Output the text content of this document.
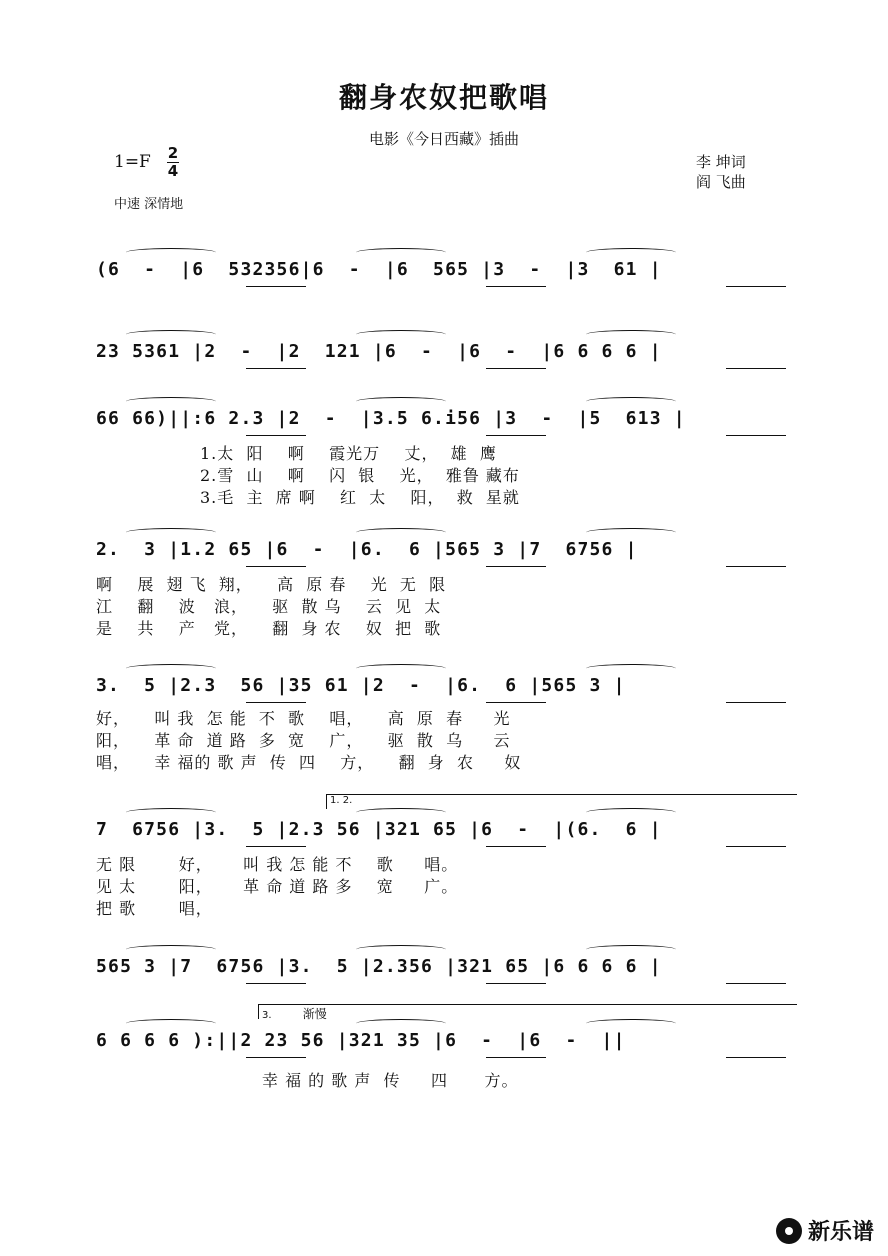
翻身农奴把歌唱
电影《今日西藏》插曲
1=F 2
4
中速 深情地
李 坤词
阎 飞曲
1. 2.
3.	渐慢
(6  -  |6  532356|6  -  |6  565 |3  -  |3  61 |
23 5361 |2  -  |2  121 |6  -  |6  -  |6 6 6 6 |
66 66)||:6 2.3 |2  -  |3.5 6.i56 |3  -  |5  613 |
1.太  阳    啊    霞光万    丈，  雄  鹰
2.雪  山    啊    闪  银    光，  雅鲁 藏布
3.毛  主  席 啊    红  太    阳，  救  星就
2.  3 |1.2 65 |6  -  |6.  6 |565 3 |7  6756 |
啊    展  翅 飞  翔，    高  原 春    光  无  限
江    翻    波   浪，    驱  散 乌    云  见  太
是    共    产   党，    翻  身 农    奴  把  歌
3.  5 |2.3  56 |35 61 |2  -  |6.  6 |565 3 |
好，    叫 我  怎 能  不  歌    唱，    高  原  春     光
阳，    革 命  道 路  多  宽    广，    驱  散  乌     云
唱，    幸 福的 歌 声  传  四    方，    翻  身  农     奴
7  6756 |3.  5 |2.3 56 |321 65 |6  -  |(6.  6 |
无 限       好，     叫 我 怎 能 不    歌     唱。
见 太       阳，     革 命 道 路 多    宽     广。
把 歌       唱，
565 3 |7  6756 |3.  5 |2.356 |321 65 |6 6 6 6 |
6 6 6 6 ):||2 23 56 |321 35 |6  -  |6  -  ||
幸 福 的 歌 声  传     四      方。
新乐谱
